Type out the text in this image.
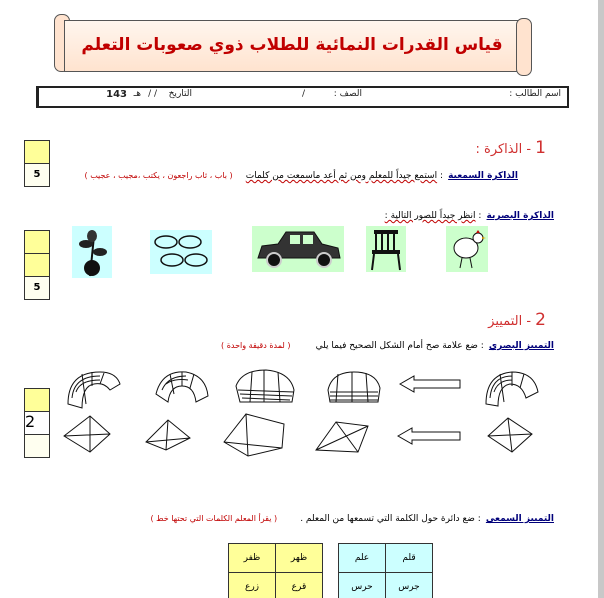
قياس القدرات النمائية للطلاب ذوي صعوبات التعلم
اسم الطالب :
الصف :
/
التاريخ
/ /
143 هـ
5
1 - الذاكرة :
الذاكرة السمعية : استمع جيداً للمعلم ومن ثم أعد ماسمعت من كلمات ( باب ، ثاب راجعون ، يكتب ،مجيب ، عجيب )
الذاكرة البصرية : انظر جيداً للصور التالية :
5
2 - التمييز
التمييز البصري : ضع علامة صح أمام الشكل الصحيح فيما يلي ( لمدة دقيقة واحدة )
2
التمييز السمعي : ضع دائرة حول الكلمة التي تسمعها من المعلم . ( يقرأ المعلم الكلمات التي تحتها خط )
قلم	علم
جرس	حرس
ظهر	ظفر
قرع	زرع
